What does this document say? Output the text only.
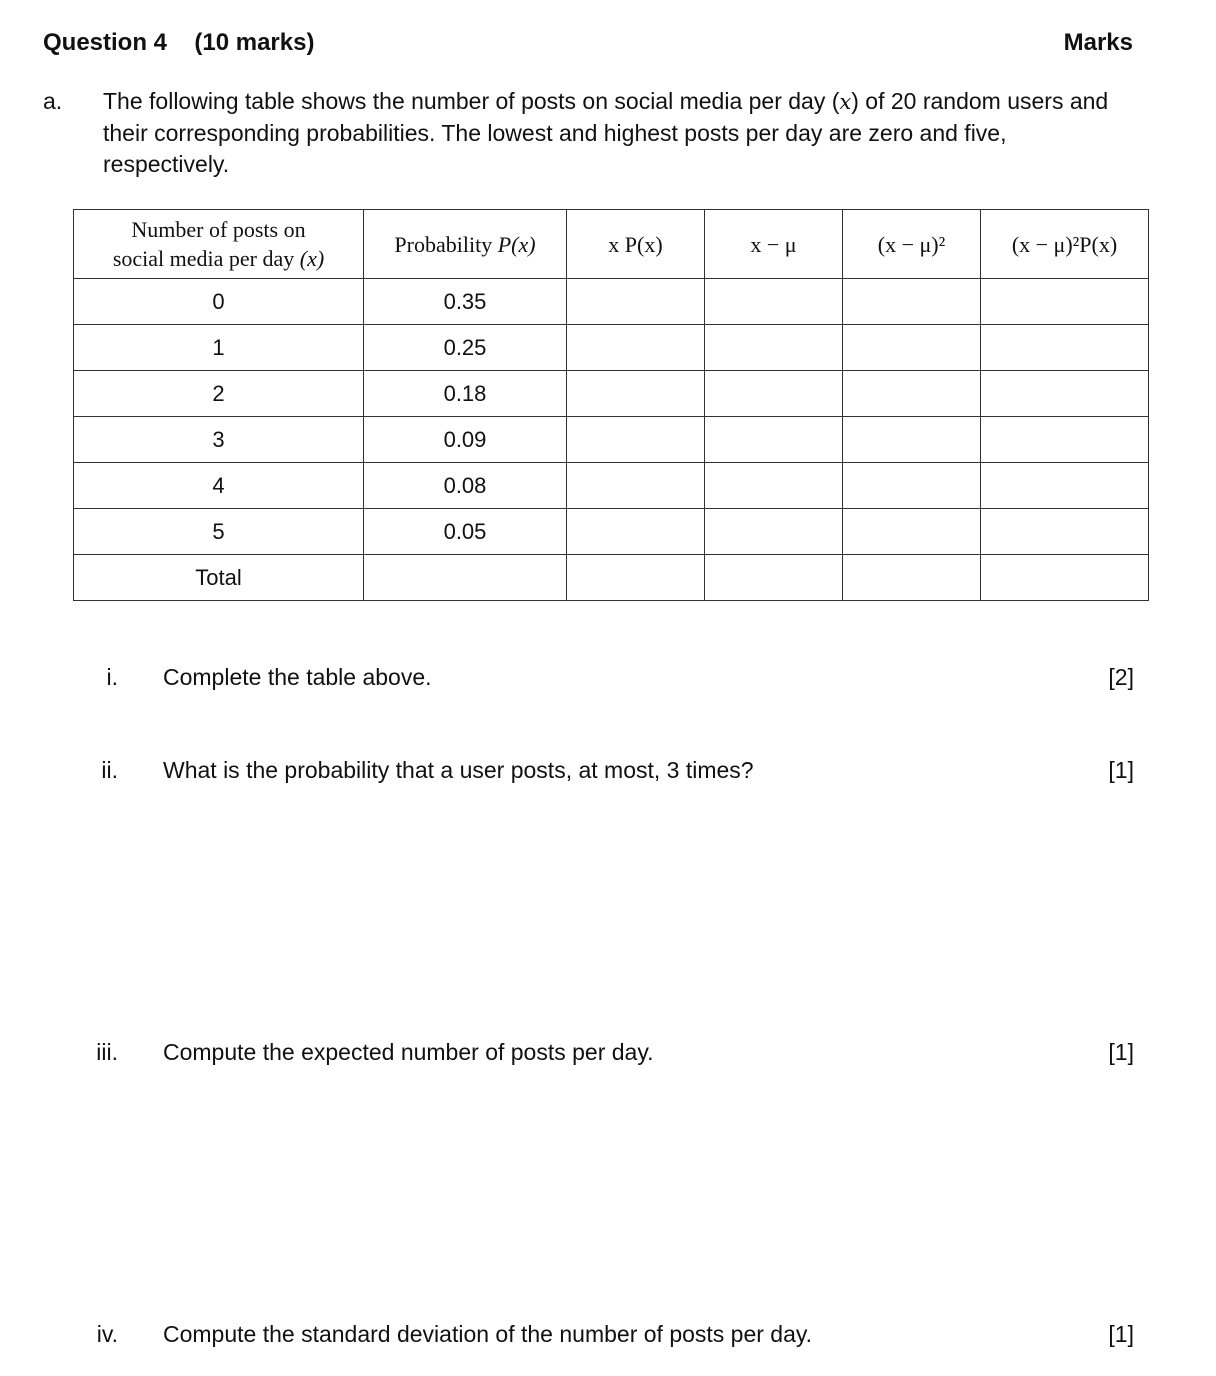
Question 4 (10 marks)	Marks
a. The following table shows the number of posts on social media per day (x) of 20 random users and their corresponding probabilities. The lowest and highest posts per day are zero and five, respectively.
Number of posts on
social media per day (x)	Probability P(x)	x P(x)	x − μ	(x − μ)²	(x − μ)²P(x)
0	0.35				
1	0.25				
2	0.18				
3	0.09				
4	0.08				
5	0.05				
Total					
i. Complete the table above.	[2]
ii. What is the probability that a user posts, at most, 3 times?	[1]
iii. Compute the expected number of posts per day.	[1]
iv. Compute the standard deviation of the number of posts per day.	[1]
